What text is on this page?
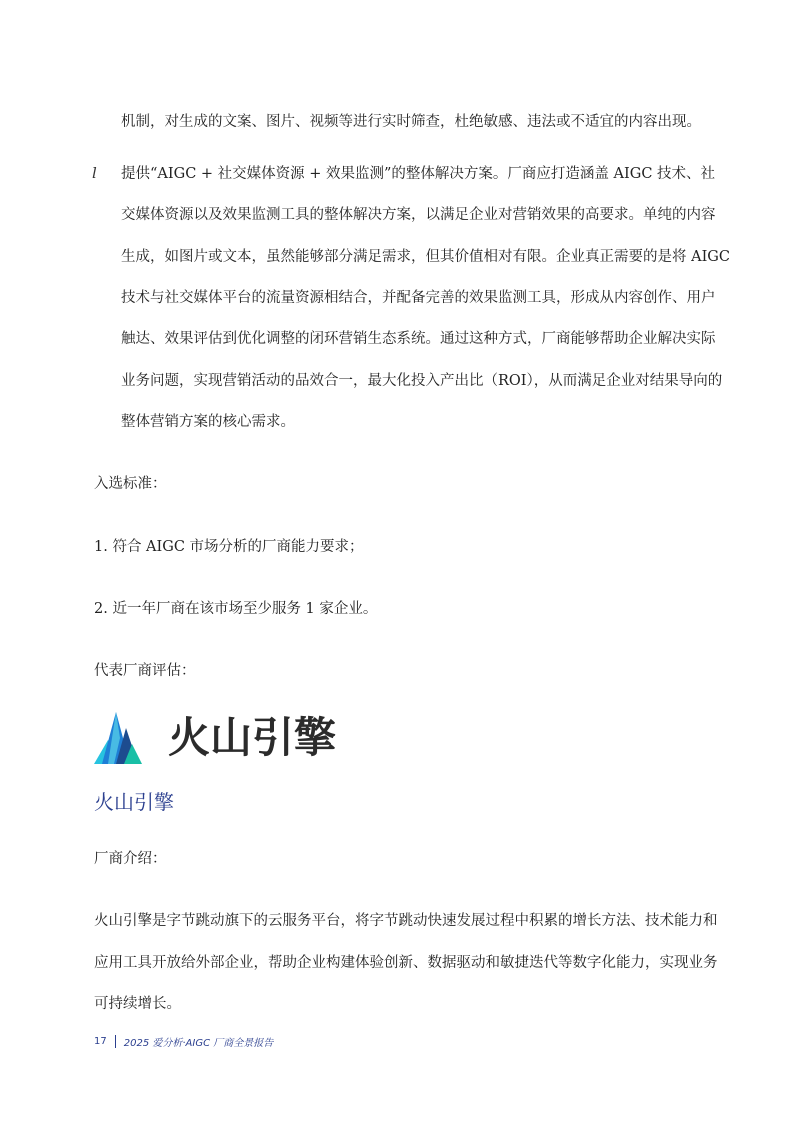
机制，对生成的文案、图片、视频等进行实时筛查，杜绝敏感、违法或不适宜的内容出现。
l 提供“AIGC + 社交媒体资源 + 效果监测”的整体解决方案。厂商应打造涵盖 AIGC 技术、社
交媒体资源以及效果监测工具的整体解决方案，以满足企业对营销效果的高要求。单纯的内容
生成，如图片或文本，虽然能够部分满足需求，但其价值相对有限。企业真正需要的是将 AIGC
技术与社交媒体平台的流量资源相结合，并配备完善的效果监测工具，形成从内容创作、用户
触达、效果评估到优化调整的闭环营销生态系统。通过这种方式，厂商能够帮助企业解决实际
业务问题，实现营销活动的品效合一，最大化投入产出比（ROI），从而满足企业对结果导向的
整体营销方案的核心需求。
入选标准：
1. 符合 AIGC 市场分析的厂商能力要求；
2. 近一年厂商在该市场至少服务 1 家企业。
代表厂商评估：
火山引擎
火山引擎
厂商介绍：
火山引擎是字节跳动旗下的云服务平台，将字节跳动快速发展过程中积累的增长方法、技术能力和
应用工具开放给外部企业，帮助企业构建体验创新、数据驱动和敏捷迭代等数字化能力，实现业务
可持续增长。
17 2025 爱分析·AIGC 厂商全景报告
